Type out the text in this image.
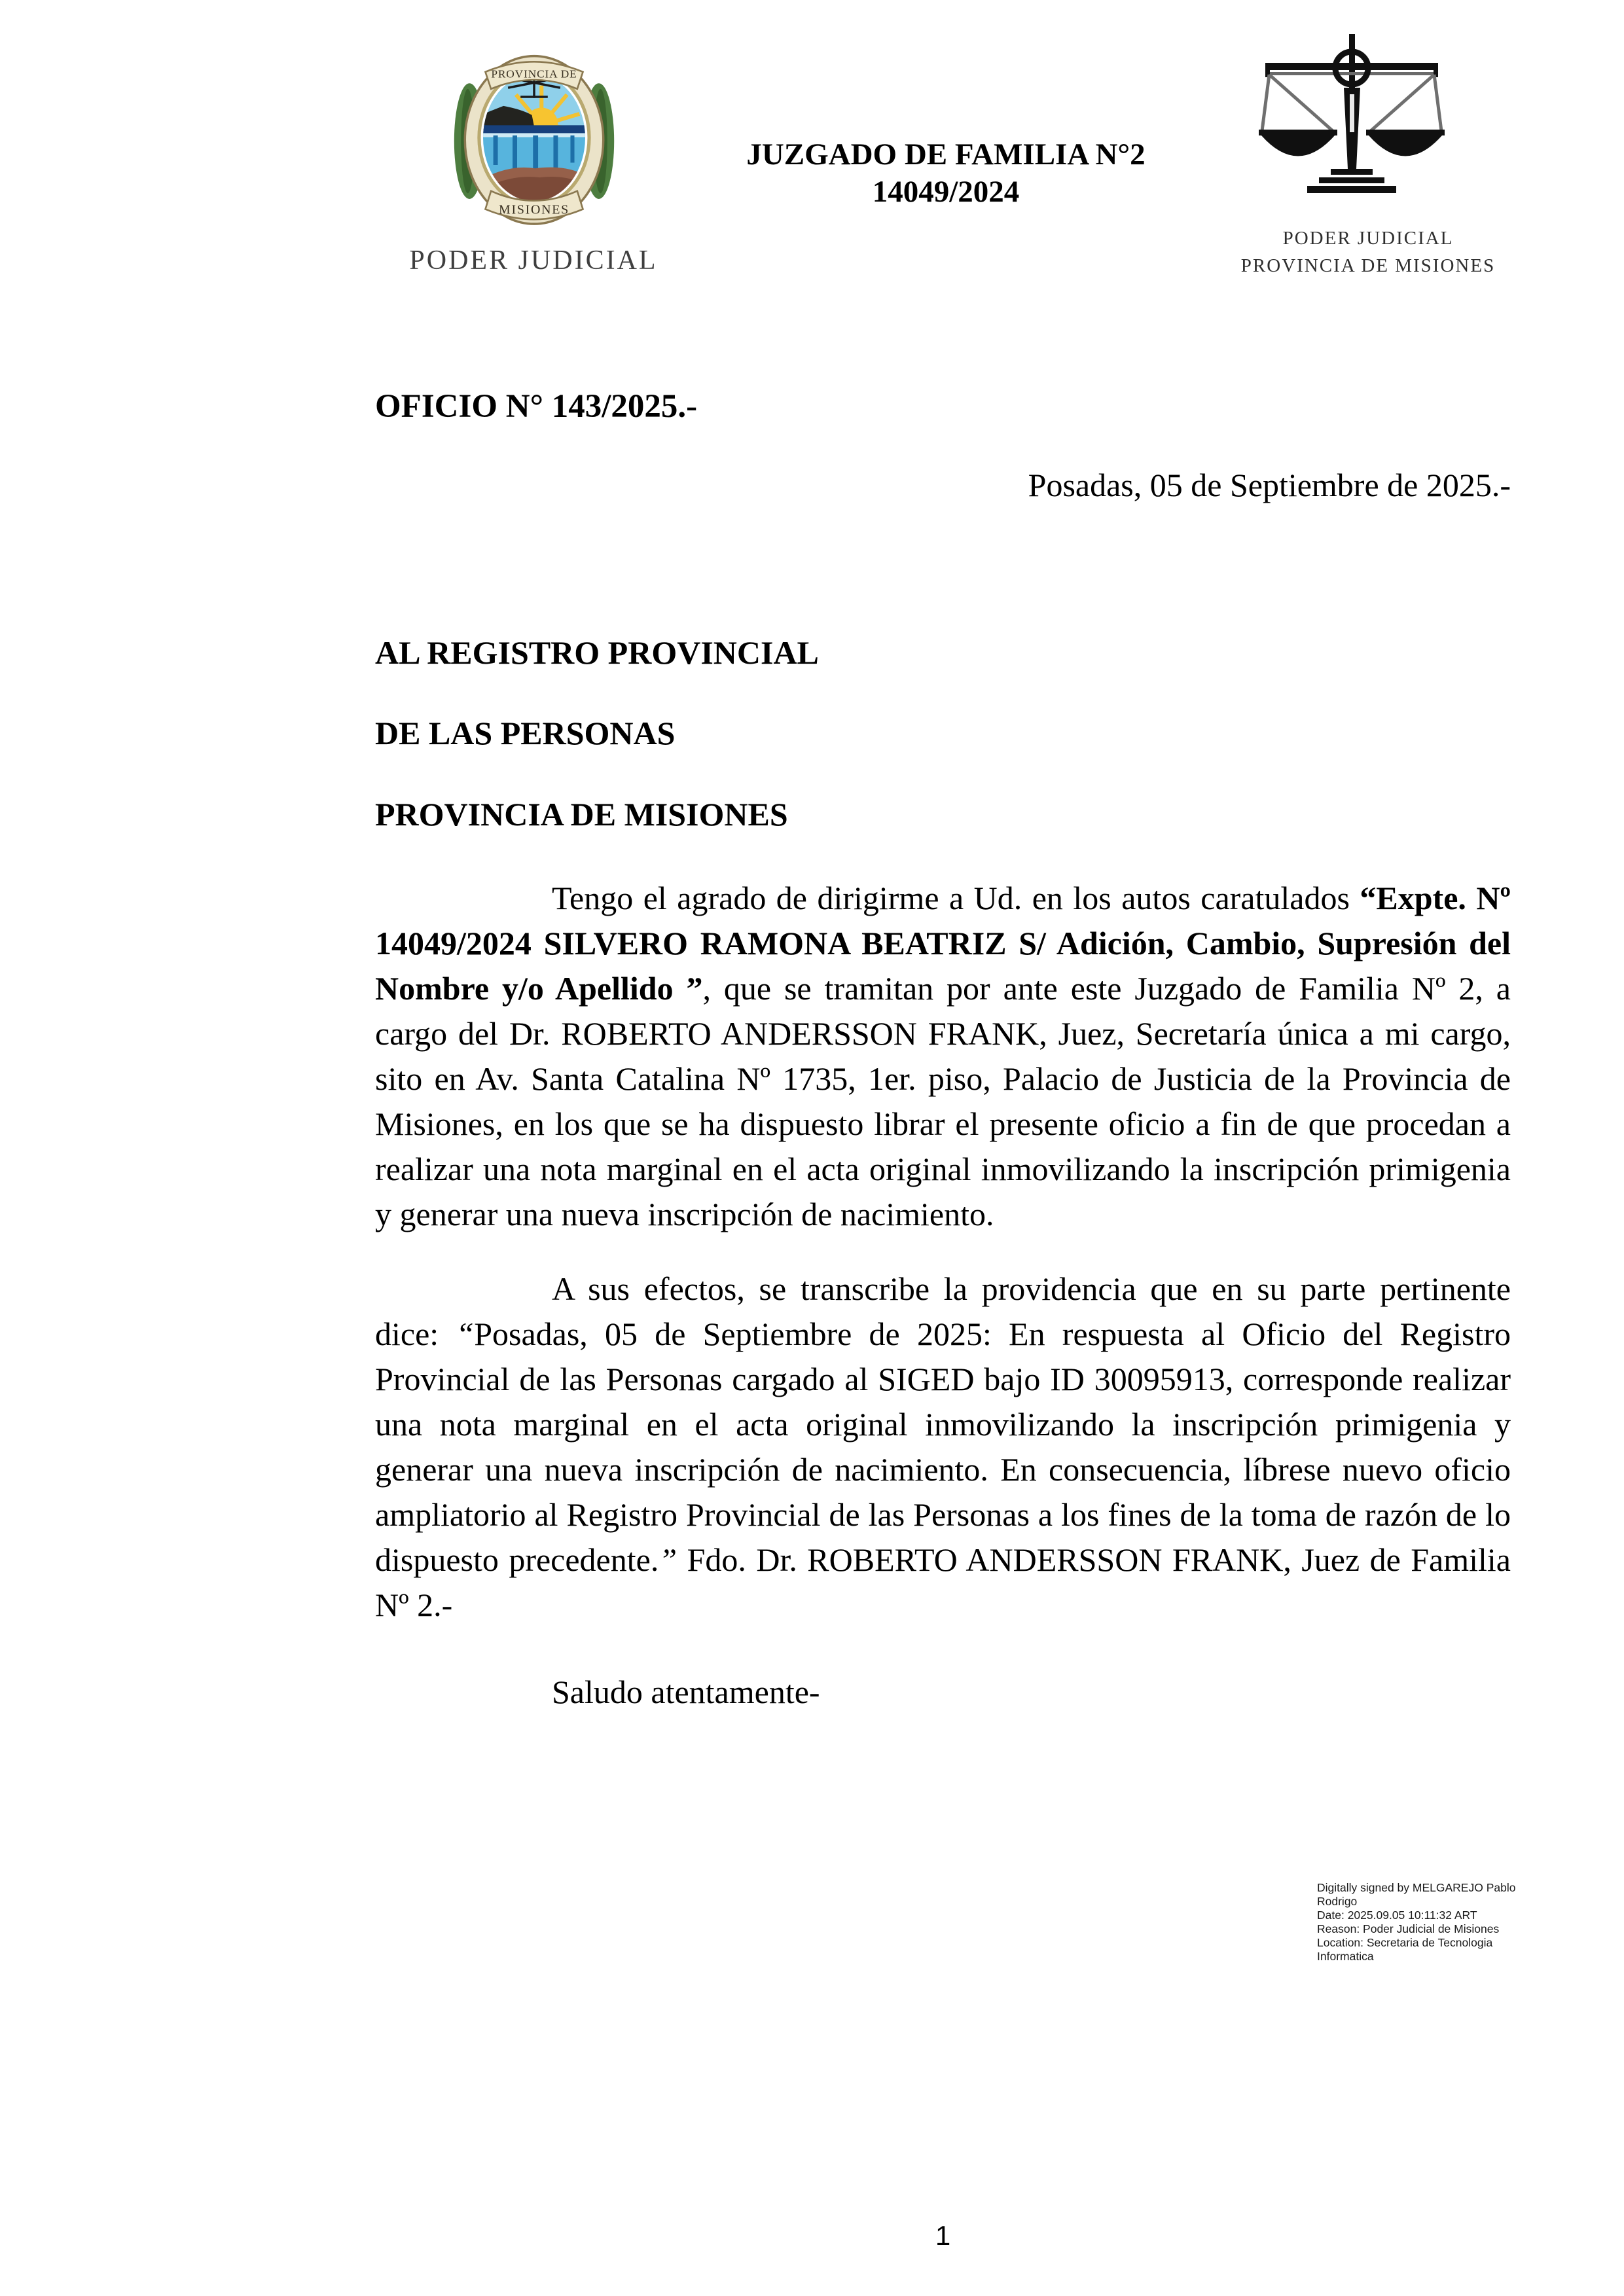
PROVINCIA DE
MISIONES
PODER JUDICIAL
JUZGADO DE FAMILIA N°2
14049/2024
PODER JUDICIAL
PROVINCIA DE MISIONES
OFICIO N° 143/2025.-
Posadas, 05 de Septiembre de 2025.-
AL REGISTRO PROVINCIAL
DE LAS PERSONAS
PROVINCIA DE MISIONES
Tengo el agrado de dirigirme a Ud. en los autos caratulados “Expte. Nº 14049/2024 SILVERO RAMONA BEATRIZ S/ Adición, Cambio, Supresión del Nombre y/o Apellido ”, que se tramitan por ante este Juzgado de Familia Nº 2, a cargo del Dr. ROBERTO ANDERSSON FRANK, Juez, Secretaría única a mi cargo, sito en Av. Santa Catalina Nº 1735, 1er. piso, Palacio de Justicia de la Provincia de Misiones, en los que se ha dispuesto librar el presente oficio a fin de que procedan a realizar una nota marginal en el acta original inmovilizando la inscripción primigenia y generar una nueva inscripción de nacimiento.
A sus efectos, se transcribe la providencia que en su parte pertinente dice: “Posadas, 05 de Septiembre de 2025: En respuesta al Oficio del Registro Provincial de las Personas cargado al SIGED bajo ID 30095913, corresponde realizar una nota marginal en el acta original inmovilizando la inscripción primigenia y generar una nueva inscripción de nacimiento. En consecuencia, líbrese nuevo oficio ampliatorio al Registro Provincial de las Personas a los fines de la toma de razón de lo dispuesto precedente.” Fdo. Dr. ROBERTO ANDERSSON FRANK, Juez de Familia Nº 2.-
Saludo atentamente-
Digitally signed by MELGAREJO Pablo Rodrigo
Date: 2025.09.05 10:11:32 ART
Reason: Poder Judicial de Misiones
Location: Secretaria de Tecnologia Informatica
1
